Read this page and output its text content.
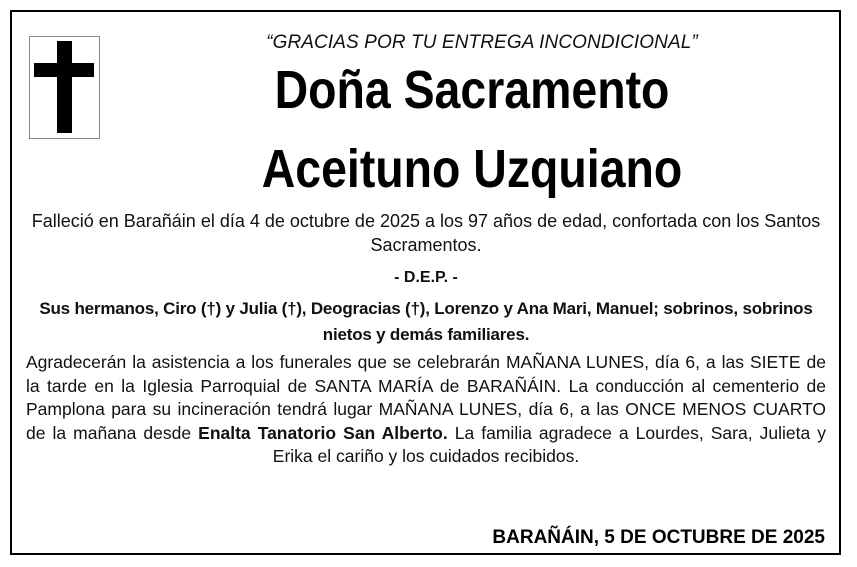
“GRACIAS POR TU ENTREGA INCONDICIONAL”
Doña Sacramento
Aceituno Uzquiano
Falleció en Barañáin el día 4 de octubre de 2025 a los 97 años de edad, confortada con los Santos Sacramentos.
- D.E.P. -
Sus hermanos, Ciro (†) y Julia (†), Deogracias (†), Lorenzo y Ana Mari, Manuel; sobrinos, sobrinos nietos y demás familiares.
Agradecerán la asistencia a los funerales que se celebrarán MAÑANA LUNES, día 6, a las SIETE de la tarde en la Iglesia Parroquial de SANTA MARÍA de BARAÑÁIN. La conducción al cementerio de Pamplona para su incineración tendrá lugar MAÑANA LUNES, día 6, a las ONCE MENOS CUARTO de la mañana desde Enalta Tanatorio San Alberto. La familia agradece a Lourdes, Sara, Julieta y Erika el cariño y los cuidados recibidos.
BARAÑÁIN, 5 DE OCTUBRE DE 2025
